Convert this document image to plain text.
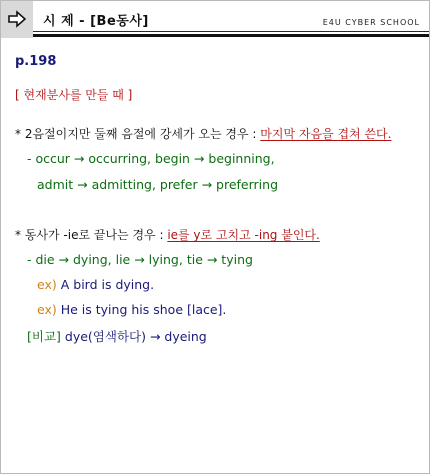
시 제 - [Be동사]	E4U CYBER SCHOOL
p.198
[ 현재분사를 만들 때 ]
* 2음절이지만 둘째 음절에 강세가 오는 경우 : 마지막 자음을 겹쳐 쓴다.
- occur → occurring, begin → beginning,
admit → admitting, prefer → preferring
* 동사가 -ie로 끝나는 경우 : ie를 y로 고치고 -ing 붙인다.
- die → dying, lie → lying, tie → tying
ex) A bird is dying.
ex) He is tying his shoe [lace].
[비교] dye(염색하다) → dyeing
